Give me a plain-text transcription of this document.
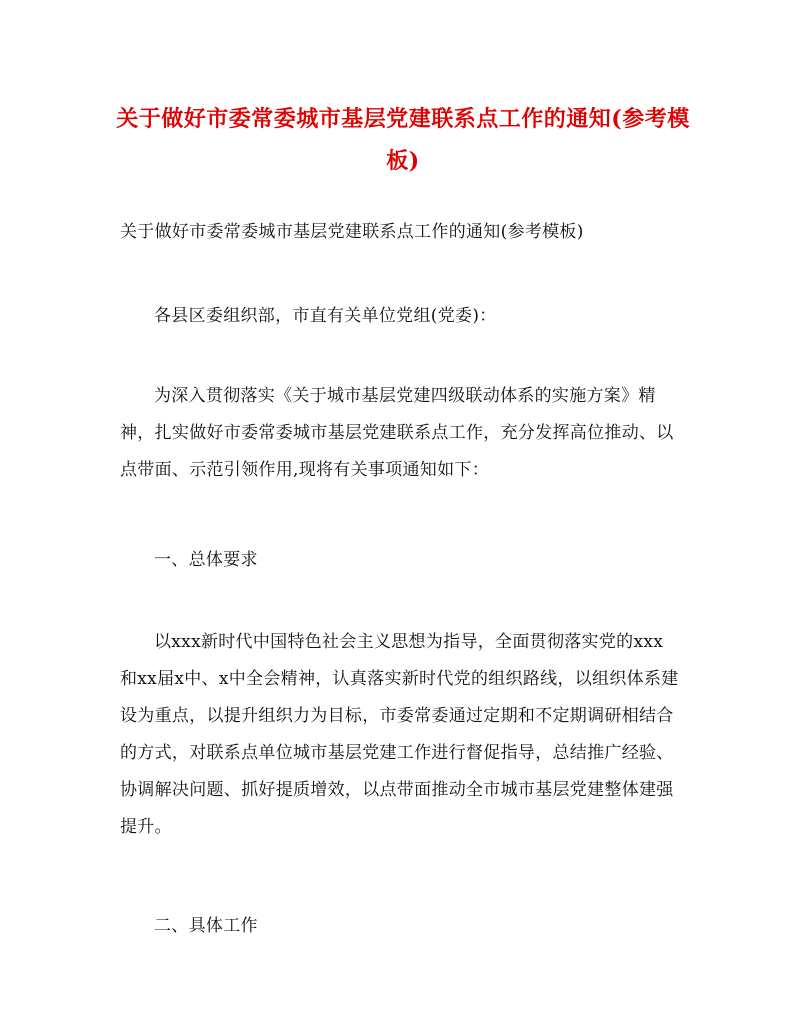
关于做好市委常委城市基层党建联系点工作的通知(参考模板)
关于做好市委常委城市基层党建联系点工作的通知(参考模板)
各县区委组织部，市直有关单位党组(党委)：
为深入贯彻落实《关于城市基层党建四级联动体系的实施方案》精神，扎实做好市委常委城市基层党建联系点工作，充分发挥高位推动、以点带面、示范引领作用,现将有关事项通知如下：
一、总体要求
以xxx新时代中国特色社会主义思想为指导，全面贯彻落实党的xxx和xx届x中、x中全会精神，认真落实新时代党的组织路线，以组织体系建设为重点，以提升组织力为目标，市委常委通过定期和不定期调研相结合的方式，对联系点单位城市基层党建工作进行督促指导，总结推广经验、协调解决问题、抓好提质增效，以点带面推动全市城市基层党建整体建强提升。
二、具体工作
